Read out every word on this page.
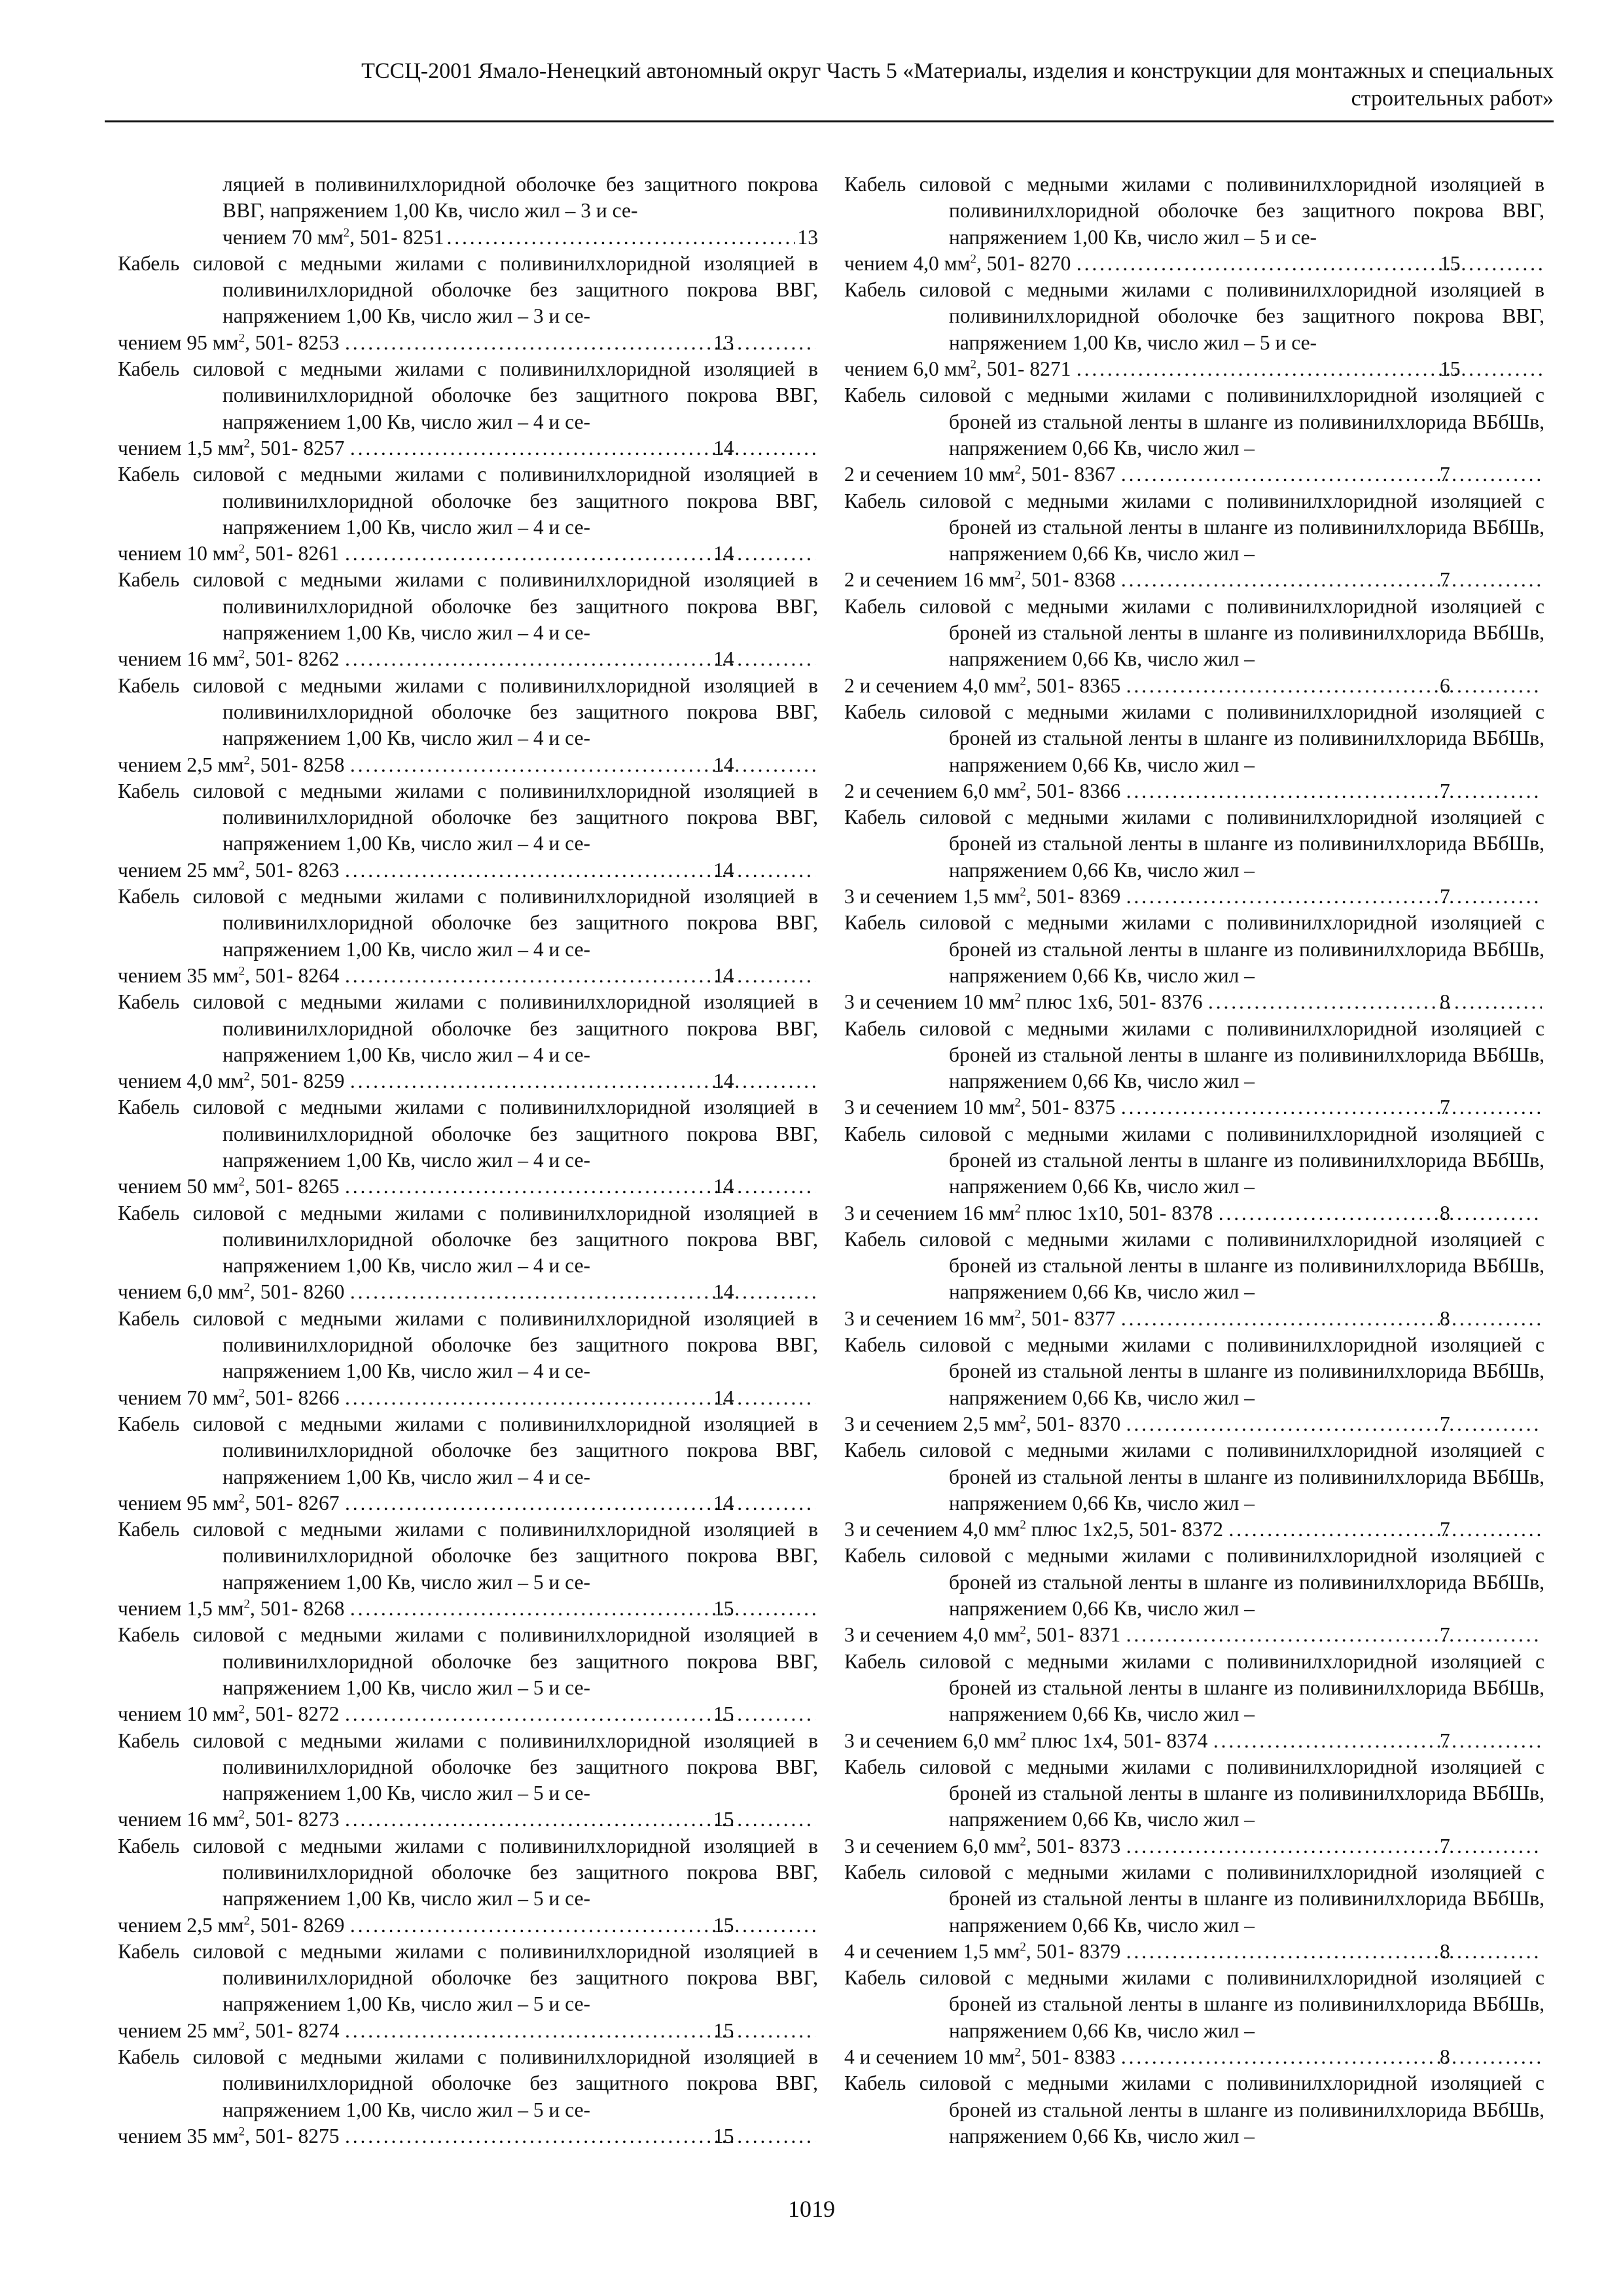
ТССЦ-2001 Ямало-Ненецкий автономный округ Часть 5 «Материалы, изделия и конструкции для монтажных и специальных
строительных работ»
ляцией в поливинилхлоридной оболочке без защитного покрова ВВГ, напряжением 1,00 Кв, число жил – 3 и се-
чением 70 $мм^2$, 501- 8251 . . .	13
Кабель силовой с медными жилами с поливинилхлоридной изоляцией в поливинилхлоридной оболочке без защитного покрова ВВГ, напряжением 1,00 Кв, число жил – 3 и се-
чением 95 $мм^2$, 501- 8253 . . .	13
Кабель силовой с медными жилами с поливинилхлоридной изоляцией в поливинилхлоридной оболочке без защитного покрова ВВГ, напряжением 1,00 Кв, число жил – 4 и се-
чением 1,5 $мм^2$, 501- 8257 . . .	14
Кабель силовой с медными жилами с поливинилхлоридной изоляцией в поливинилхлоридной оболочке без защитного покрова ВВГ, напряжением 1,00 Кв, число жил – 4 и се-
чением 10 $мм^2$, 501- 8261 . . .	14
Кабель силовой с медными жилами с поливинилхлоридной изоляцией в поливинилхлоридной оболочке без защитного покрова ВВГ, напряжением 1,00 Кв, число жил – 4 и се-
чением 16 $мм^2$, 501- 8262 . . .	14
Кабель силовой с медными жилами с поливинилхлоридной изоляцией в поливинилхлоридной оболочке без защитного покрова ВВГ, напряжением 1,00 Кв, число жил – 4 и се-
чением 2,5 $мм^2$, 501- 8258 . . .	14
Кабель силовой с медными жилами с поливинилхлоридной изоляцией в поливинилхлоридной оболочке без защитного покрова ВВГ, напряжением 1,00 Кв, число жил – 4 и се-
чением 25 $мм^2$, 501- 8263 . . .	14
Кабель силовой с медными жилами с поливинилхлоридной изоляцией в поливинилхлоридной оболочке без защитного покрова ВВГ, напряжением 1,00 Кв, число жил – 4 и се-
чением 35 $мм^2$, 501- 8264 . . .	14
Кабель силовой с медными жилами с поливинилхлоридной изоляцией в поливинилхлоридной оболочке без защитного покрова ВВГ, напряжением 1,00 Кв, число жил – 4 и се-
чением 4,0 $мм^2$, 501- 8259 . . .	14
Кабель силовой с медными жилами с поливинилхлоридной изоляцией в поливинилхлоридной оболочке без защитного покрова ВВГ, напряжением 1,00 Кв, число жил – 4 и се-
чением 50 $мм^2$, 501- 8265 . . .	14
Кабель силовой с медными жилами с поливинилхлоридной изоляцией в поливинилхлоридной оболочке без защитного покрова ВВГ, напряжением 1,00 Кв, число жил – 4 и се-
чением 6,0 $мм^2$, 501- 8260 . . .	14
Кабель силовой с медными жилами с поливинилхлоридной изоляцией в поливинилхлоридной оболочке без защитного покрова ВВГ, напряжением 1,00 Кв, число жил – 4 и се-
чением 70 $мм^2$, 501- 8266 . . .	14
Кабель силовой с медными жилами с поливинилхлоридной изоляцией в поливинилхлоридной оболочке без защитного покрова ВВГ, напряжением 1,00 Кв, число жил – 4 и се-
чением 95 $мм^2$, 501- 8267 . . .	14
Кабель силовой с медными жилами с поливинилхлоридной изоляцией в поливинилхлоридной оболочке без защитного покрова ВВГ, напряжением 1,00 Кв, число жил – 5 и се-
чением 1,5 $мм^2$, 501- 8268 . . .	15
Кабель силовой с медными жилами с поливинилхлоридной изоляцией в поливинилхлоридной оболочке без защитного покрова ВВГ, напряжением 1,00 Кв, число жил – 5 и се-
чением 10 $мм^2$, 501- 8272 . . .	15
Кабель силовой с медными жилами с поливинилхлоридной изоляцией в поливинилхлоридной оболочке без защитного покрова ВВГ, напряжением 1,00 Кв, число жил – 5 и се-
чением 16 $мм^2$, 501- 8273 . . .	15
Кабель силовой с медными жилами с поливинилхлоридной изоляцией в поливинилхлоридной оболочке без защитного покрова ВВГ, напряжением 1,00 Кв, число жил – 5 и се-
чением 2,5 $мм^2$, 501- 8269 . . .	15
Кабель силовой с медными жилами с поливинилхлоридной изоляцией в поливинилхлоридной оболочке без защитного покрова ВВГ, напряжением 1,00 Кв, число жил – 5 и се-
чением 25 $мм^2$, 501- 8274 . . .	15
Кабель силовой с медными жилами с поливинилхлоридной изоляцией в поливинилхлоридной оболочке без защитного покрова ВВГ, напряжением 1,00 Кв, число жил – 5 и се-
чением 35 $мм^2$, 501- 8275 . . .	15
Кабель силовой с медными жилами с поливинилхлоридной изоляцией в поливинилхлоридной оболочке без защитного покрова ВВГ, напряжением 1,00 Кв, число жил – 5 и се-
чением 4,0 $мм^2$, 501- 8270 . . .	15
Кабель силовой с медными жилами с поливинилхлоридной изоляцией в поливинилхлоридной оболочке без защитного покрова ВВГ, напряжением 1,00 Кв, число жил – 5 и се-
чением 6,0 $мм^2$, 501- 8271 . . .	15
Кабель силовой с медными жилами с поливинилхлоридной изоляцией с броней из стальной ленты в шланге из поливинилхлорида ВБбШв, напряжением 0,66 Кв, число жил –
2 и сечением 10 $мм^2$, 501- 8367 . . .	7
Кабель силовой с медными жилами с поливинилхлоридной изоляцией с броней из стальной ленты в шланге из поливинилхлорида ВБбШв, напряжением 0,66 Кв, число жил –
2 и сечением 16 $мм^2$, 501- 8368 . . .	7
Кабель силовой с медными жилами с поливинилхлоридной изоляцией с броней из стальной ленты в шланге из поливинилхлорида ВБбШв, напряжением 0,66 Кв, число жил –
2 и сечением 4,0 $мм^2$, 501- 8365 . . .	6
Кабель силовой с медными жилами с поливинилхлоридной изоляцией с броней из стальной ленты в шланге из поливинилхлорида ВБбШв, напряжением 0,66 Кв, число жил –
2 и сечением 6,0 $мм^2$, 501- 8366 . . .	7
Кабель силовой с медными жилами с поливинилхлоридной изоляцией с броней из стальной ленты в шланге из поливинилхлорида ВБбШв, напряжением 0,66 Кв, число жил –
3 и сечением 1,5 $мм^2$, 501- 8369 . . .	7
Кабель силовой с медными жилами с поливинилхлоридной изоляцией с броней из стальной ленты в шланге из поливинилхлорида ВБбШв, напряжением 0,66 Кв, число жил –
3 и сечением 10 $мм^2$ плюс 1х6, 501- 8376 . . .	8
Кабель силовой с медными жилами с поливинилхлоридной изоляцией с броней из стальной ленты в шланге из поливинилхлорида ВБбШв, напряжением 0,66 Кв, число жил –
3 и сечением 10 $мм^2$, 501- 8375 . . .	7
Кабель силовой с медными жилами с поливинилхлоридной изоляцией с броней из стальной ленты в шланге из поливинилхлорида ВБбШв, напряжением 0,66 Кв, число жил –
3 и сечением 16 $мм^2$ плюс 1х10, 501- 8378 . . .	8
Кабель силовой с медными жилами с поливинилхлоридной изоляцией с броней из стальной ленты в шланге из поливинилхлорида ВБбШв, напряжением 0,66 Кв, число жил –
3 и сечением 16 $мм^2$, 501- 8377 . . .	8
Кабель силовой с медными жилами с поливинилхлоридной изоляцией с броней из стальной ленты в шланге из поливинилхлорида ВБбШв, напряжением 0,66 Кв, число жил –
3 и сечением 2,5 $мм^2$, 501- 8370 . . .	7
Кабель силовой с медными жилами с поливинилхлоридной изоляцией с броней из стальной ленты в шланге из поливинилхлорида ВБбШв, напряжением 0,66 Кв, число жил –
3 и сечением 4,0 $мм^2$ плюс 1х2,5, 501- 8372 . . .	7
Кабель силовой с медными жилами с поливинилхлоридной изоляцией с броней из стальной ленты в шланге из поливинилхлорида ВБбШв, напряжением 0,66 Кв, число жил –
3 и сечением 4,0 $мм^2$, 501- 8371 . . .	7
Кабель силовой с медными жилами с поливинилхлоридной изоляцией с броней из стальной ленты в шланге из поливинилхлорида ВБбШв, напряжением 0,66 Кв, число жил –
3 и сечением 6,0 $мм^2$ плюс 1х4, 501- 8374 . . .	7
Кабель силовой с медными жилами с поливинилхлоридной изоляцией с броней из стальной ленты в шланге из поливинилхлорида ВБбШв, напряжением 0,66 Кв, число жил –
3 и сечением 6,0 $мм^2$, 501- 8373 . . .	7
Кабель силовой с медными жилами с поливинилхлоридной изоляцией с броней из стальной ленты в шланге из поливинилхлорида ВБбШв, напряжением 0,66 Кв, число жил –
4 и сечением 1,5 $мм^2$, 501- 8379 . . .	8
Кабель силовой с медными жилами с поливинилхлоридной изоляцией с броней из стальной ленты в шланге из поливинилхлорида ВБбШв, напряжением 0,66 Кв, число жил –
4 и сечением 10 $мм^2$, 501- 8383 . . .	8
Кабель силовой с медными жилами с поливинилхлоридной изоляцией с броней из стальной ленты в шланге из поливинилхлорида ВБбШв, напряжением 0,66 Кв, число жил –
1019
